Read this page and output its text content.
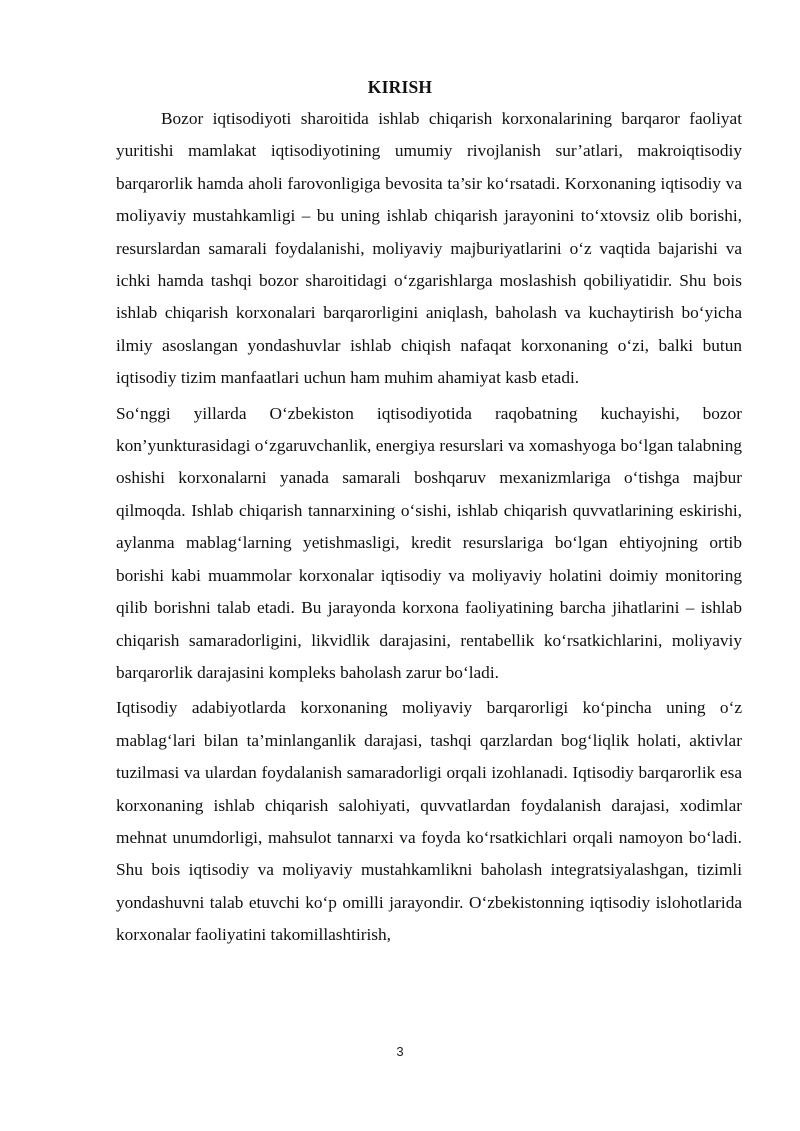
KIRISH

Bozor iqtisodiyoti sharoitida ishlab chiqarish korxonalarining barqaror faoliyat yuritishi mamlakat iqtisodiyotining umumiy rivojlanish sur’atlari, makroiqtisodiy barqarorlik hamda aholi farovonligiga bevosita ta’sir ko‘rsatadi. Korxonaning iqtisodiy va moliyaviy mustahkamligi – bu uning ishlab chiqarish jarayonini to‘xtovsiz olib borishi, resurslardan samarali foydalanishi, moliyaviy majburiyatlarini o‘z vaqtida bajarishi va ichki hamda tashqi bozor sharoitidagi o‘zgarishlarga moslashish qobiliyatidir. Shu bois ishlab chiqarish korxonalari barqarorligini aniqlash, baholash va kuchaytirish bo‘yicha ilmiy asoslangan yondashuvlar ishlab chiqish nafaqat korxonaning o‘zi, balki butun iqtisodiy tizim manfaatlari uchun ham muhim ahamiyat kasb etadi.

So‘nggi yillarda O‘zbekiston iqtisodiyotida raqobatning kuchayishi, bozor kon’yunkturasidagi o‘zgaruvchanlik, energiya resurslari va xomashyoga bo‘lgan talabning oshishi korxonalarni yanada samarali boshqaruv mexanizmlariga o‘tishga majbur qilmoqda. Ishlab chiqarish tannarxining o‘sishi, ishlab chiqarish quvvatlarining eskirishi, aylanma mablag‘larning yetishmasligi, kredit resurslariga bo‘lgan ehtiyojning ortib borishi kabi muammolar korxonalar iqtisodiy va moliyaviy holatini doimiy monitoring qilib borishni talab etadi. Bu jarayonda korxona faoliyatining barcha jihatlarini – ishlab chiqarish samaradorligini, likvidlik darajasini, rentabellik ko‘rsatkichlarini, moliyaviy barqarorlik darajasini kompleks baholash zarur bo‘ladi.

Iqtisodiy adabiyotlarda korxonaning moliyaviy barqarorligi ko‘pincha uning o‘z mablag‘lari bilan ta’minlanganlik darajasi, tashqi qarzlardan bog‘liqlik holati, aktivlar tuzilmasi va ulardan foydalanish samaradorligi orqali izohlanadi. Iqtisodiy barqarorlik esa korxonaning ishlab chiqarish salohiyati, quvvatlardan foydalanish darajasi, xodimlar mehnat unumdorligi, mahsulot tannarxi va foyda ko‘rsatkichlari orqali namoyon bo‘ladi. Shu bois iqtisodiy va moliyaviy mustahkamlikni baholash integratsiyalashgan, tizimli yondashuvni talab etuvchi ko‘p omilli jarayondir. O‘zbekistonning iqtisodiy islohotlarida korxonalar faoliyatini takomillashtirish,

3
